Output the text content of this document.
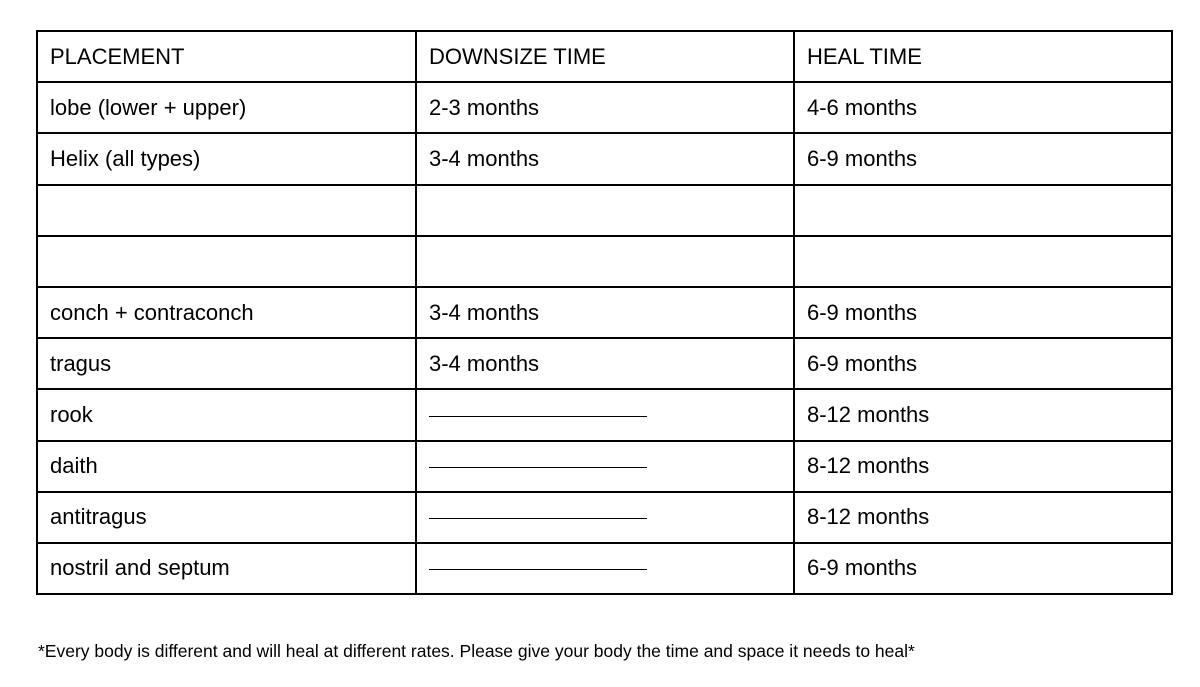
PLACEMENT	DOWNSIZE TIME	HEAL TIME
lobe (lower + upper)	2-3 months	4-6 months
Helix (all types)	3-4 months	6-9 months

conch + contraconch	3-4 months	6-9 months
tragus	3-4 months	6-9 months
rook		8-12 months
daith		8-12 months
antitragus		8-12 months
nostril and septum		6-9 months
*Every body is different and will heal at different rates. Please give your body the time and space it needs to heal*
